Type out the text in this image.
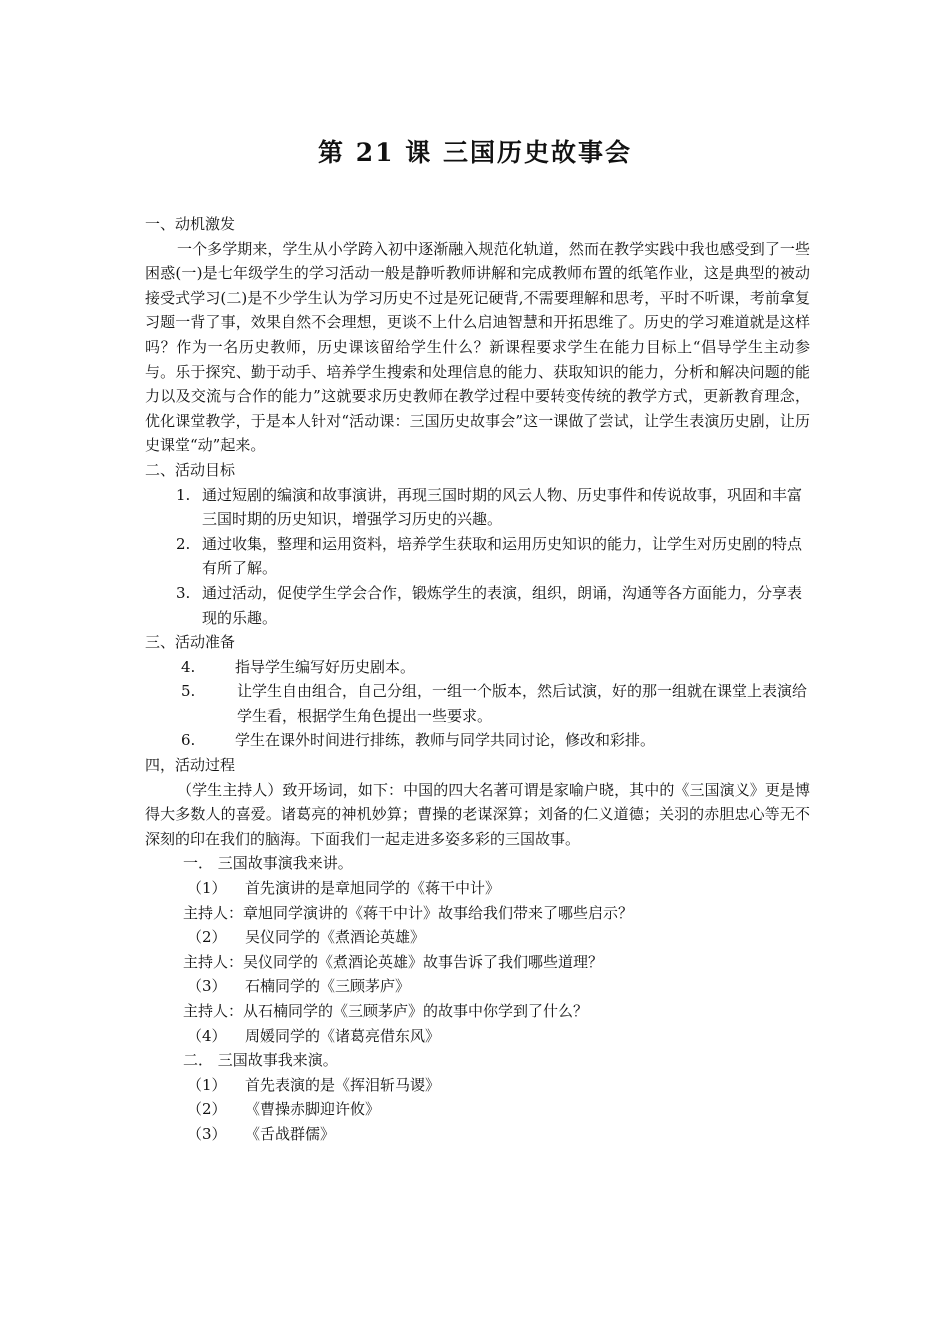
第 21 课 三国历史故事会

一、动机激发

一个多学期来，学生从小学跨入初中逐渐融入规范化轨道，然而在教学实践中我也感受到了一些困惑(一)是七年级学生的学习活动一般是静听教师讲解和完成教师布置的纸笔作业，这是典型的被动接受式学习(二)是不少学生认为学习历史不过是死记硬背,不需要理解和思考，平时不听课，考前拿复习题一背了事，效果自然不会理想，更谈不上什么启迪智慧和开拓思维了。历史的学习难道就是这样吗？作为一名历史教师，历史课该留给学生什么？新课程要求学生在能力目标上“倡导学生主动参与。乐于探究、勤于动手、培养学生搜索和处理信息的能力、获取知识的能力，分析和解决问题的能力以及交流与合作的能力”这就要求历史教师在教学过程中要转变传统的教学方式，更新教育理念，优化课堂教学，于是本人针对“活动课：三国历史故事会”这一课做了尝试，让学生表演历史剧，让历史课堂“动”起来。

二、活动目标

1. 通过短剧的编演和故事演讲，再现三国时期的风云人物、历史事件和传说故事，巩固和丰富三国时期的历史知识，增强学习历史的兴趣。

2. 通过收集，整理和运用资料，培养学生获取和运用历史知识的能力，让学生对历史剧的特点有所了解。

3. 通过活动，促使学生学会合作，锻炼学生的表演，组织，朗诵，沟通等各方面能力，分享表现的乐趣。

三、活动准备

4.	指导学生编写好历史剧本。

5.	让学生自由组合，自己分组，一组一个版本，然后试演，好的那一组就在课堂上表演给学生看，根据学生角色提出一些要求。

6.	学生在课外时间进行排练，教师与同学共同讨论，修改和彩排。

四，活动过程

（学生主持人）致开场词，如下：中国的四大名著可谓是家喻户晓，其中的《三国演义》更是博得大多数人的喜爱。诸葛亮的神机妙算；曹操的老谋深算；刘备的仁义道德；关羽的赤胆忠心等无不深刻的印在我们的脑海。下面我们一起走进多姿多彩的三国故事。

一． 三国故事演我来讲。

（1） 首先演讲的是章旭同学的《蒋干中计》

主持人：章旭同学演讲的《蒋干中计》故事给我们带来了哪些启示？

（2） 吴仪同学的《煮酒论英雄》

主持人：吴仪同学的《煮酒论英雄》故事告诉了我们哪些道理？

（3） 石楠同学的《三顾茅庐》

主持人：从石楠同学的《三顾茅庐》的故事中你学到了什么？

（4） 周媛同学的《诸葛亮借东风》

二． 三国故事我来演。

（1） 首先表演的是《挥泪斩马谡》

（2） 《曹操赤脚迎许攸》

（3） 《舌战群儒》
